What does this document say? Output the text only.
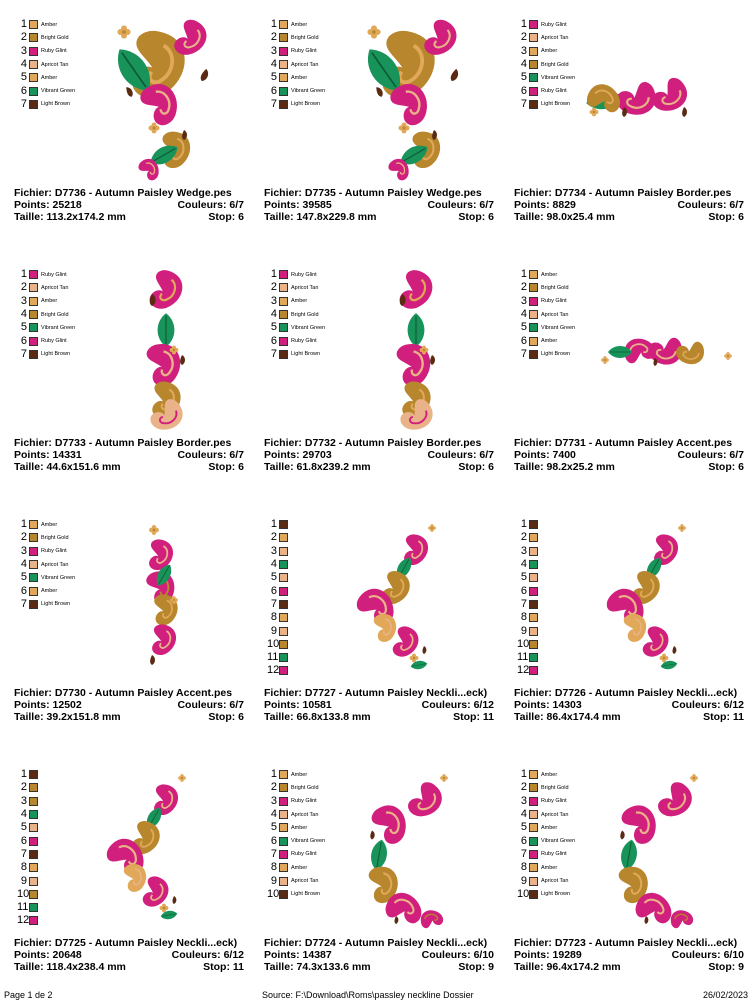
1	Amber
2	Bright Gold
3	Ruby Glint
4	Apricot Tan
5	Amber
6	Vibrant Green
7	Light Brown
Fichier: D7736 - Autumn Paisley Wedge.pes
Points: 25218	Couleurs: 6/7
Taille: 113.2x174.2 mm	Stop: 6
1	Amber
2	Bright Gold
3	Ruby Glint
4	Apricot Tan
5	Amber
6	Vibrant Green
7	Light Brown
Fichier: D7735 - Autumn Paisley Wedge.pes
Points: 39585	Couleurs: 6/7
Taille: 147.8x229.8 mm	Stop: 6
1	Ruby Glint
2	Apricot Tan
3	Amber
4	Bright Gold
5	Vibrant Green
6	Ruby Glint
7	Light Brown
Fichier: D7734 - Autumn Paisley Border.pes
Points: 8829	Couleurs: 6/7
Taille: 98.0x25.4 mm	Stop: 6
1	Ruby Glint
2	Apricot Tan
3	Amber
4	Bright Gold
5	Vibrant Green
6	Ruby Glint
7	Light Brown
Fichier: D7733 - Autumn Paisley Border.pes
Points: 14331	Couleurs: 6/7
Taille: 44.6x151.6 mm	Stop: 6
1	Ruby Glint
2	Apricot Tan
3	Amber
4	Bright Gold
5	Vibrant Green
6	Ruby Glint
7	Light Brown
Fichier: D7732 - Autumn Paisley Border.pes
Points: 29703	Couleurs: 6/7
Taille: 61.8x239.2 mm	Stop: 6
1	Amber
2	Bright Gold
3	Ruby Glint
4	Apricot Tan
5	Vibrant Green
6	Amber
7	Light Brown
Fichier: D7731 - Autumn Paisley Accent.pes
Points: 7400	Couleurs: 6/7
Taille: 98.2x25.2 mm	Stop: 6
1	Amber
2	Bright Gold
3	Ruby Glint
4	Apricot Tan
5	Vibrant Green
6	Amber
7	Light Brown
Fichier: D7730 - Autumn Paisley Accent.pes
Points: 12502	Couleurs: 6/7
Taille: 39.2x151.8 mm	Stop: 6
1
2
3
4
5
6
7
8
9
10
11
12
Fichier: D7727 - Autumn Paisley Neckli...eck)
Points: 10581	Couleurs: 6/12
Taille: 66.8x133.8 mm	Stop: 11
1
2
3
4
5
6
7
8
9
10
11
12
Fichier: D7726 - Autumn Paisley Neckli...eck)
Points: 14303	Couleurs: 6/12
Taille: 86.4x174.4 mm	Stop: 11
1
2
3
4
5
6
7
8
9
10
11
12
Fichier: D7725 - Autumn Paisley Neckli...eck)
Points: 20648	Couleurs: 6/12
Taille: 118.4x238.4 mm	Stop: 11
1	Amber
2	Bright Gold
3	Ruby Glint
4	Apricot Tan
5	Amber
6	Vibrant Green
7	Ruby Glint
8	Amber
9	Apricot Tan
10 Light Brown
Fichier: D7724 - Autumn Paisley Neckli...eck)
Points: 14387	Couleurs: 6/10
Taille: 74.3x133.6 mm	Stop: 9
1	Amber
2	Bright Gold
3	Ruby Glint
4	Apricot Tan
5	Amber
6	Vibrant Green
7	Ruby Glint
8	Amber
9	Apricot Tan
10 Light Brown
Fichier: D7723 - Autumn Paisley Neckli...eck)
Points: 19289	Couleurs: 6/10
Taille: 96.4x174.2 mm	Stop: 9
Page 1 de 2	Source: F:\Download\Roms\passley neckline Dossier	26/02/2023
